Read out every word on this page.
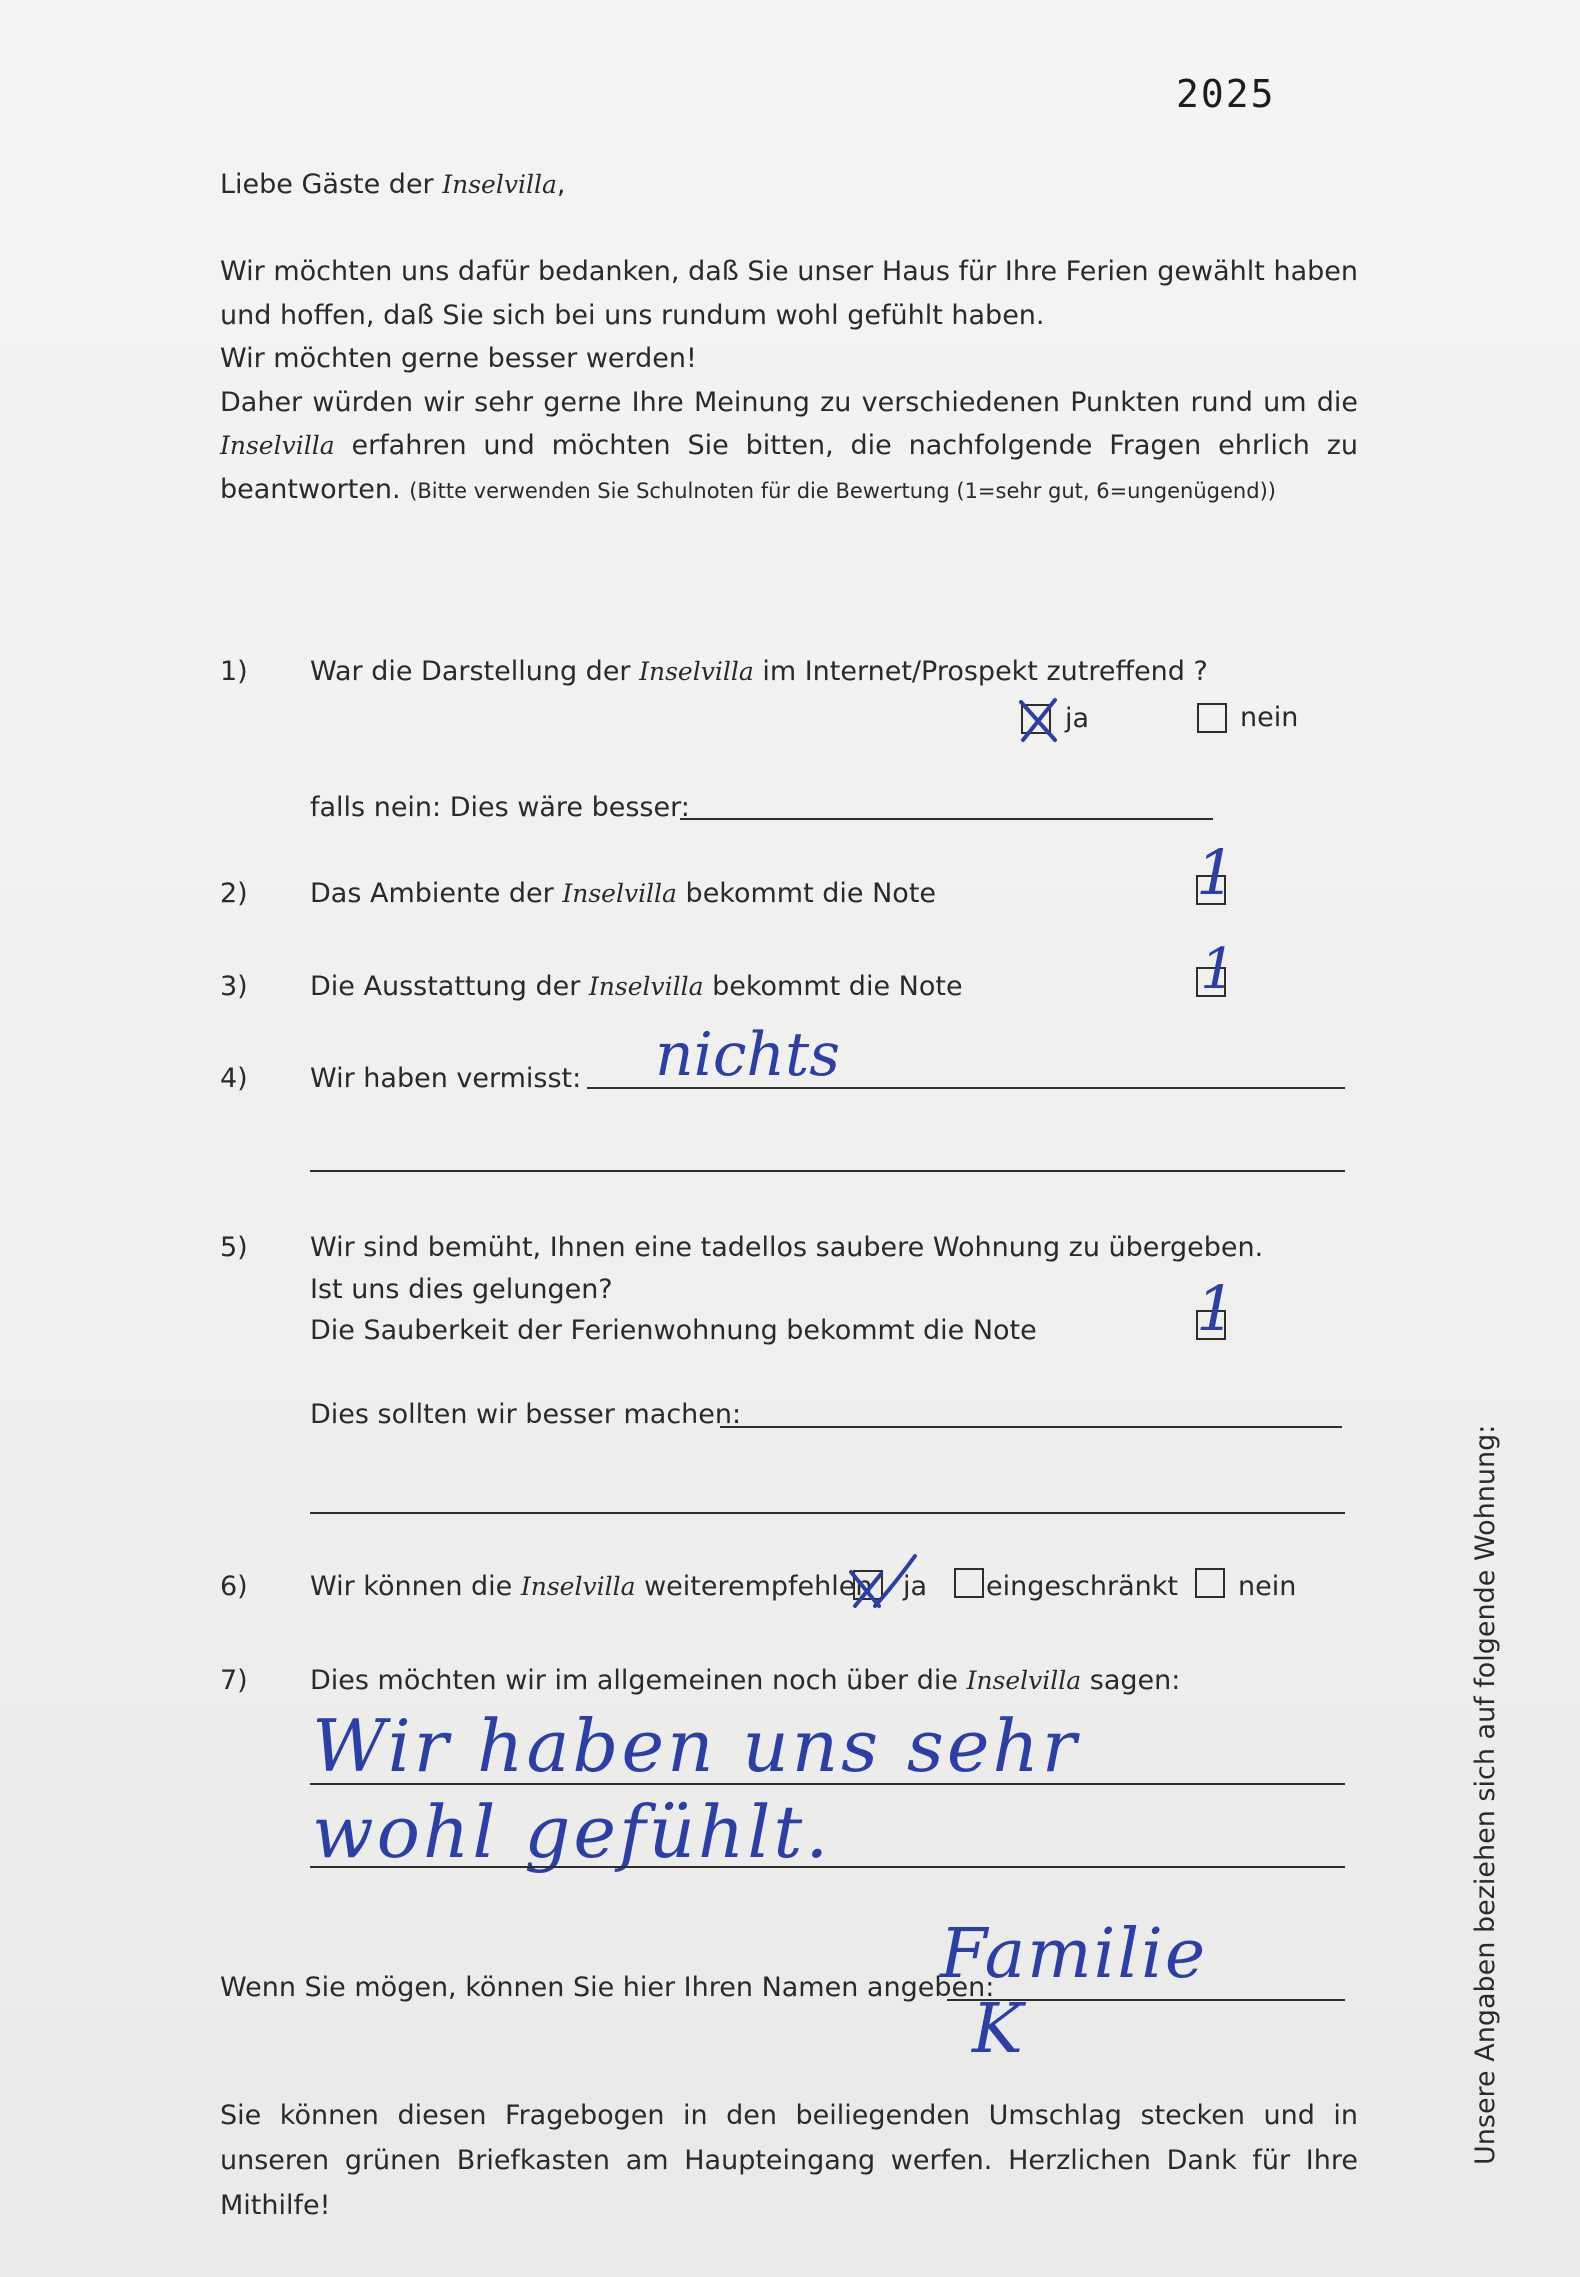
2025
Liebe Gäste der Inselvilla,

Wir möchten uns dafür bedanken, daß Sie unser Haus für Ihre Ferien gewählt haben und hoffen, daß Sie sich bei uns rundum wohl gefühlt haben.

Wir möchten gerne besser werden!

Daher würden wir sehr gerne Ihre Meinung zu verschiedenen Punkten rund um die Inselvilla erfahren und möchten Sie bitten, die nachfolgende Fragen ehrlich zu beantworten. (Bitte verwenden Sie Schulnoten für die Bewertung (1=sehr gut, 6=ungenügend))

1) War die Darstellung der Inselvilla im Internet/Prospekt zutreffend ?
ja	nein
falls nein: Dies wäre besser:
2) Das Ambiente der Inselvilla bekommt die Note	1
3) Die Ausstattung der Inselvilla bekommt die Note	1
4) Wir haben vermisst: nichts
5) Wir sind bemüht, Ihnen eine tadellos saubere Wohnung zu übergeben.
Ist uns dies gelungen?
Die Sauberkeit der Ferienwohnung bekommt die Note	1
Dies sollten wir besser machen:
6) Wir können die Inselvilla weiterempfehlen ja eingeschränkt nein
7) Dies möchten wir im allgemeinen noch über die Inselvilla sagen:
Wir haben uns sehr
wohl gefühlt.
Wenn Sie mögen, können Sie hier Ihren Namen angeben:
Familie
K
Sie können diesen Fragebogen in den beiliegenden Umschlag stecken und in unseren grünen Briefkasten am Haupteingang werfen. Herzlichen Dank für Ihre Mithilfe!
Unsere Angaben beziehen sich auf folgende Wohnung:
